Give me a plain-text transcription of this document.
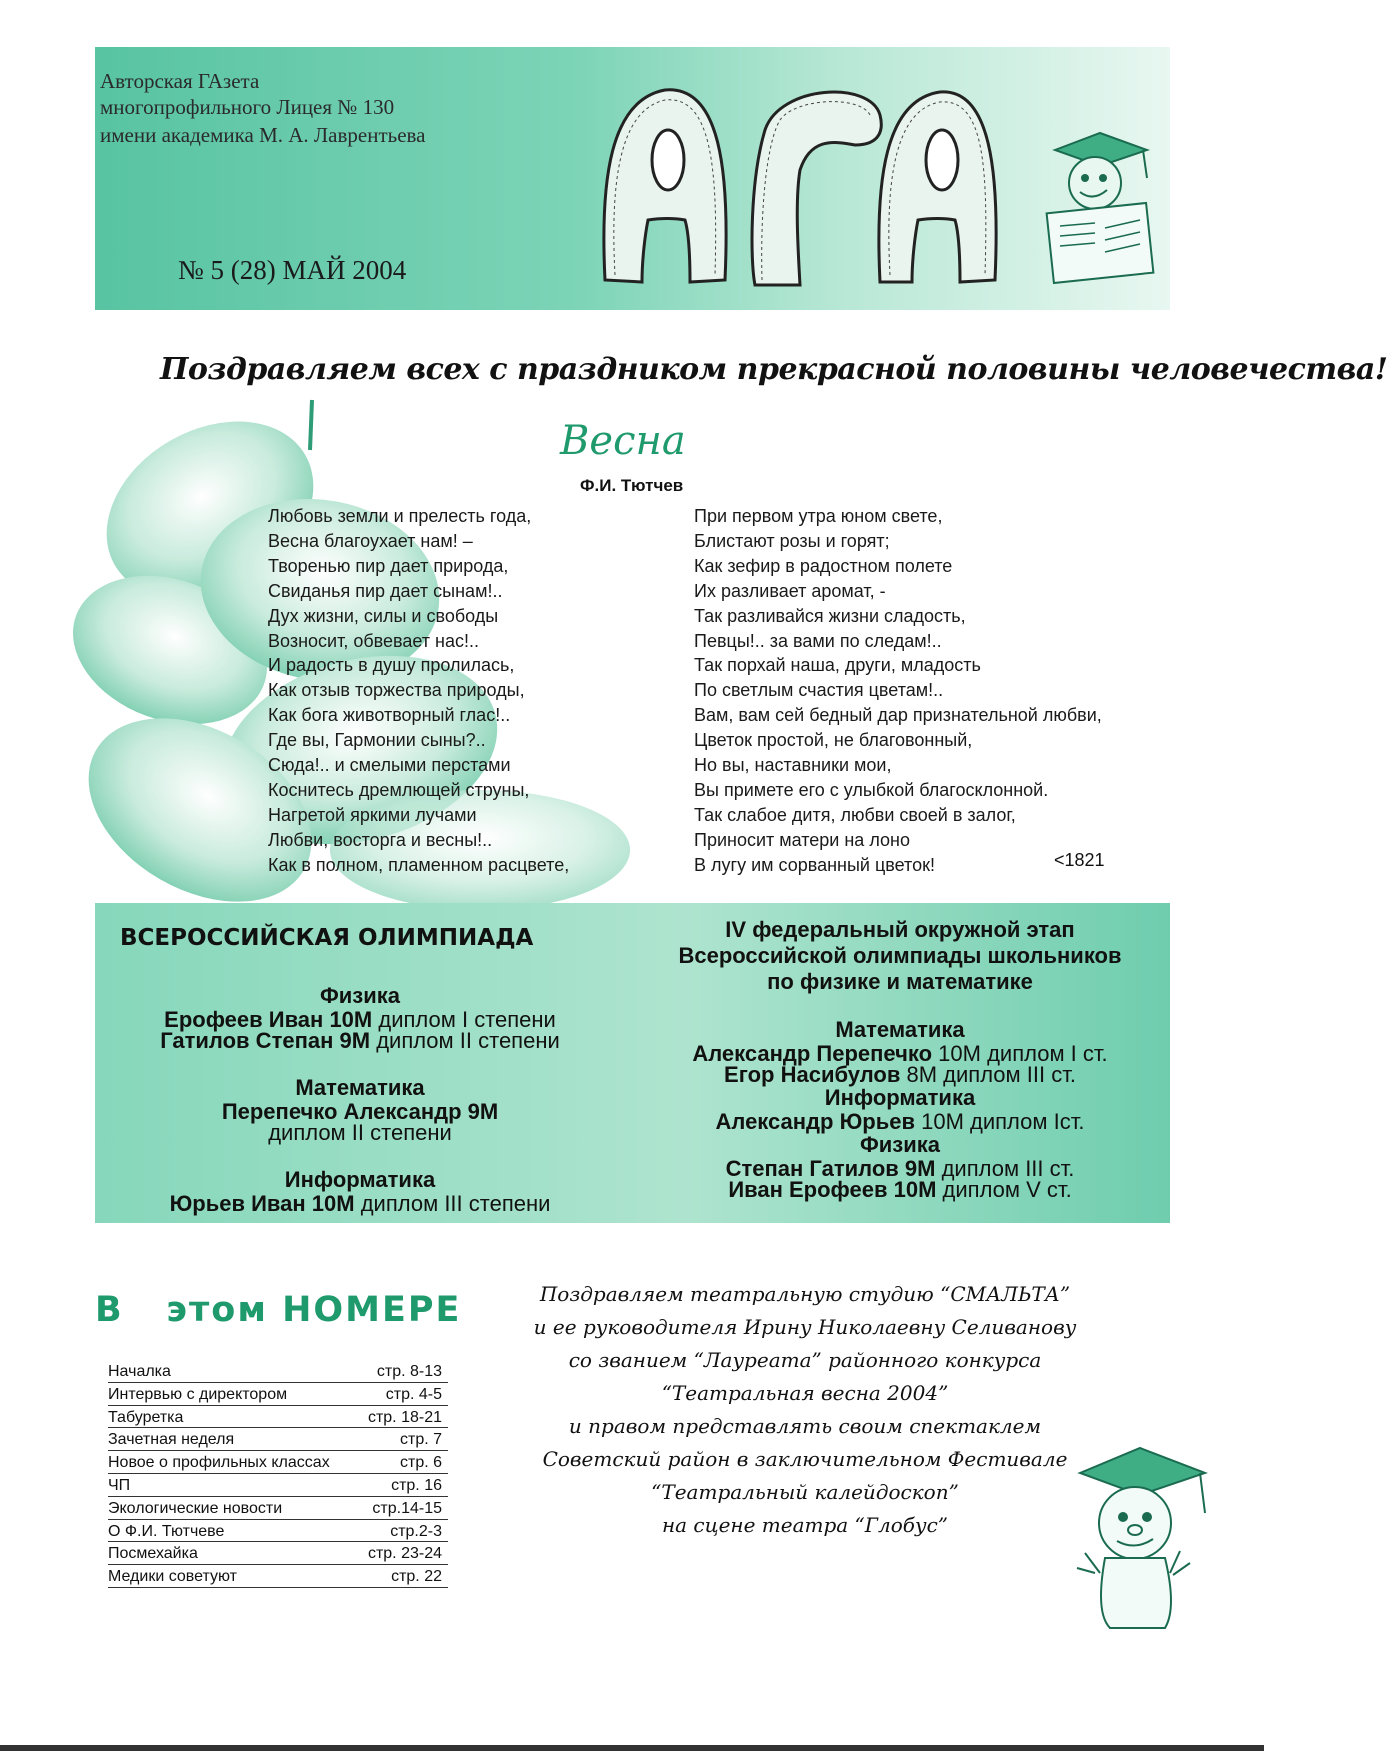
Авторская ГАзета
многопрофильного Лицея № 130
имени академика М. А. Лаврентьева
№ 5 (28) МАЙ 2004
Поздравляем всех с праздником прекрасной половины человечества!
Весна
Ф.И. Тютчев
Любовь земли и прелесть года,
Весна благоухает нам! –
Творенью пир дает природа,
Свиданья пир дает сынам!..
Дух жизни, силы и свободы
Возносит, обвевает нас!..
И радость в душу пролилась,
Как отзыв торжества природы,
Как бога животворный глас!..
Где вы, Гармонии сыны?..
Сюда!.. и смелыми перстами
Коснитесь дремлющей струны,
Нагретой яркими лучами
Любви, восторга и весны!..
Как в полном, пламенном расцвете,
При первом утра юном свете,
Блистают розы и горят;
Как зефир в радостном полете
Их разливает аромат, -
Так разливайся жизни сладость,
Певцы!.. за вами по следам!..
Так порхай наша, други, младость
По светлым счастия цветам!..
Вам, вам сей бедный дар признательной любви,
Цветок простой, не благовонный,
Но вы, наставники мои,
Вы примете его с улыбкой благосклонной.
Так слабое дитя, любви своей в залог,
Приносит матери на лоно
В лугу им сорванный цветок!	<1821
ВСЕРОССИЙСКАЯ ОЛИМПИАДА
Физика
Ерофеев Иван 10М диплом I степени
Гатилов Степан 9М диплом II степени
Математика
Перепечко Александр 9М
диплом II степени
Информатика
Юрьев Иван 10М диплом III степени
IV федеральный окружной этап
Всероссийской олимпиады школьников
по физике и математике
Математика
Александр Перепечко 10М диплом I ст.
Егор Насибулов 8М диплом III ст.
Информатика
Александр Юрьев 10М диплом Iст.
Физика
Степан Гатилов 9М диплом III ст.
Иван Ерофеев 10М диплом V ст.
В этом НОМЕРЕ
Началка	стр. 8-13
Интервью с директором	стр. 4-5
Табуретка	стр. 18-21
Зачетная неделя	стр. 7
Новое о профильных классах	стр. 6
ЧП	стр. 16
Экологические новости	стр.14-15
О Ф.И. Тютчеве	стр.2-3
Посмехайка	стр. 23-24
Медики советуют	стр. 22
Поздравляем театральную студию “СМАЛЬТА”
и ее руководителя Ирину Николаевну Селиванову
со званием “Лауреата” районного конкурса
“Театральная весна 2004”
и правом представлять своим спектаклем
Советский район в заключительном Фестивале
“Театральный калейдоскоп”
на сцене театра “Глобус”
